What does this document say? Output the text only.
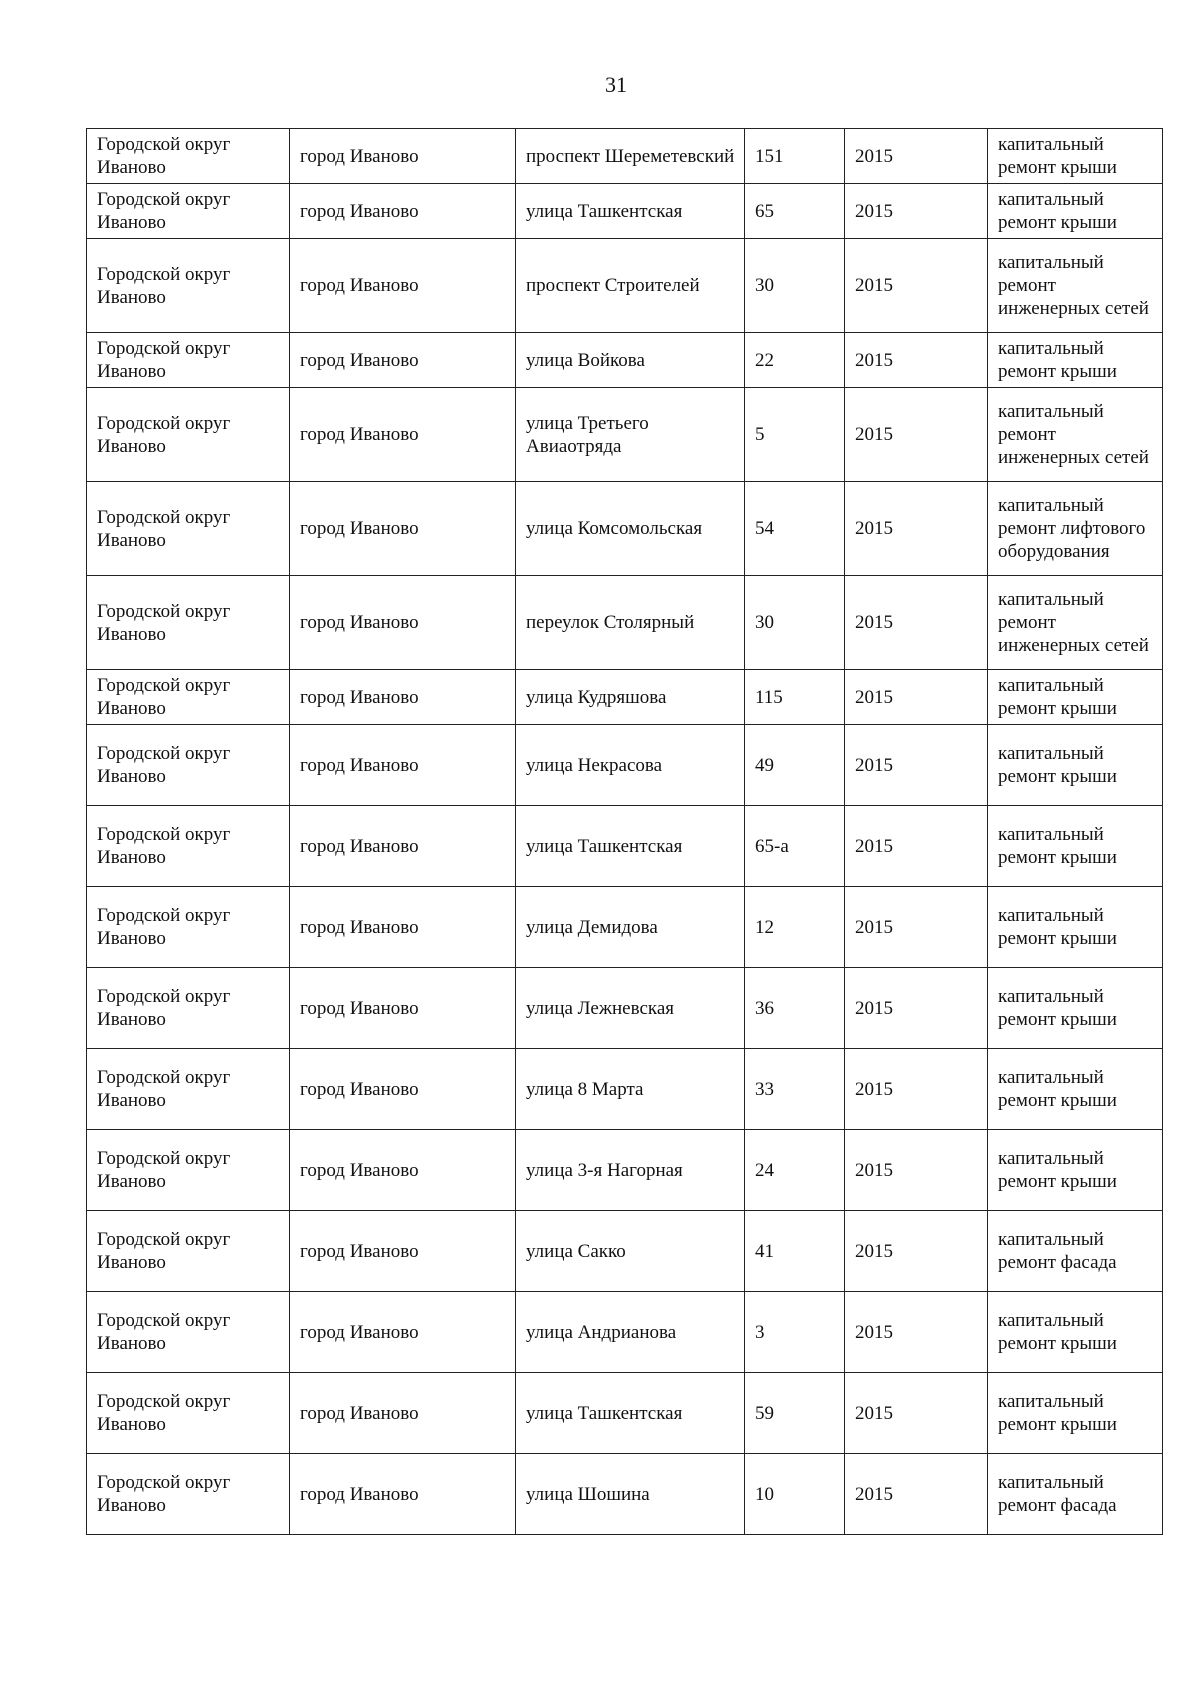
31
Городской округ Иваново	город Иваново	проспект Шереметевский	151	2015	капитальный ремонт крыши
Городской округ Иваново	город Иваново	улица Ташкентская	65	2015	капитальный ремонт крыши
Городской округ Иваново	город Иваново	проспект Строителей	30	2015	капитальный ремонт инженерных сетей
Городской округ Иваново	город Иваново	улица Войкова	22	2015	капитальный ремонт крыши
Городской округ Иваново	город Иваново	улица Третьего Авиаотряда	5	2015	капитальный ремонт инженерных сетей
Городской округ Иваново	город Иваново	улица Комсомольская	54	2015	капитальный ремонт лифтового оборудования
Городской округ Иваново	город Иваново	переулок Столярный	30	2015	капитальный ремонт инженерных сетей
Городской округ Иваново	город Иваново	улица Кудряшова	115	2015	капитальный ремонт крыши
Городской округ Иваново	город Иваново	улица Некрасова	49	2015	капитальный ремонт крыши
Городской округ Иваново	город Иваново	улица Ташкентская	65-а	2015	капитальный ремонт крыши
Городской округ Иваново	город Иваново	улица Демидова	12	2015	капитальный ремонт крыши
Городской округ Иваново	город Иваново	улица Лежневская	36	2015	капитальный ремонт крыши
Городской округ Иваново	город Иваново	улица 8 Марта	33	2015	капитальный ремонт крыши
Городской округ Иваново	город Иваново	улица 3-я Нагорная	24	2015	капитальный ремонт крыши
Городской округ Иваново	город Иваново	улица Сакко	41	2015	капитальный ремонт фасада
Городской округ Иваново	город Иваново	улица Андрианова	3	2015	капитальный ремонт крыши
Городской округ Иваново	город Иваново	улица Ташкентская	59	2015	капитальный ремонт крыши
Городской округ Иваново	город Иваново	улица Шошина	10	2015	капитальный ремонт фасада
